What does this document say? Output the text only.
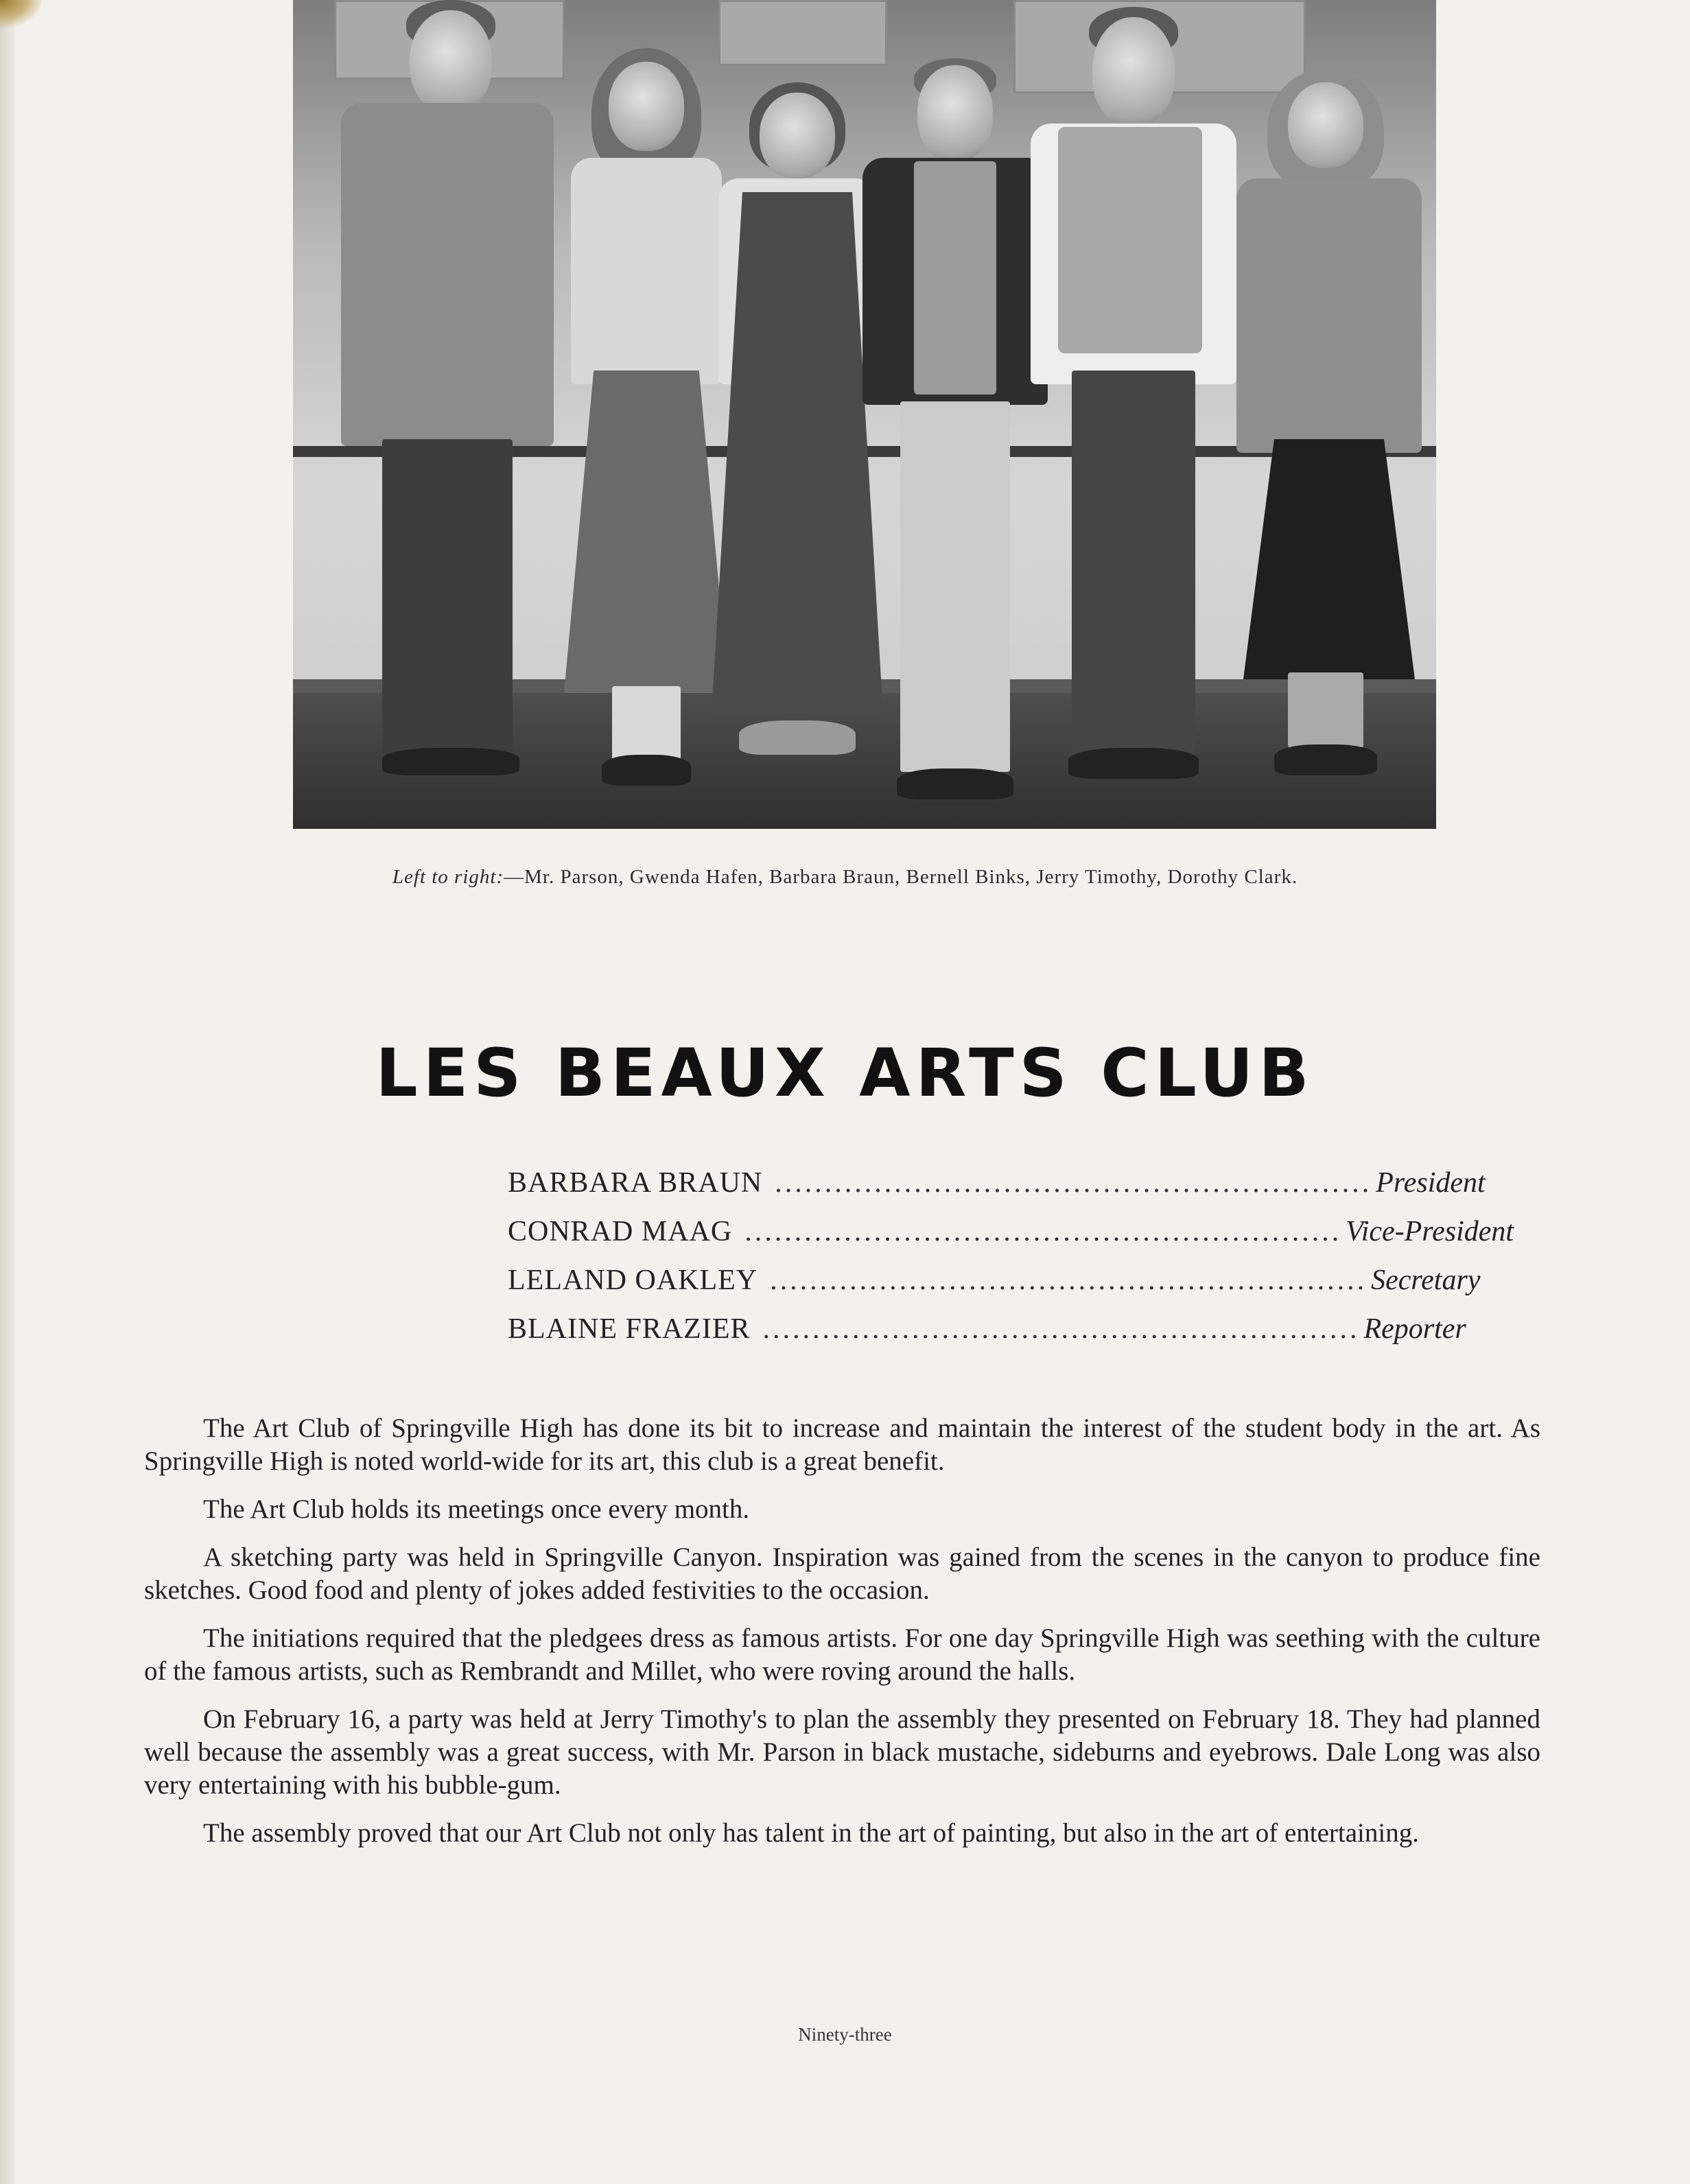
Left to right:—Mr. Parson, Gwenda Hafen, Barbara Braun, Bernell Binks, Jerry Timothy, Dorothy Clark.
LES BEAUX ARTS CLUB
BARBARA BRAUN ............................................................ President
CONRAD MAAG ............................................................ Vice-President
LELAND OAKLEY ............................................................ Secretary
BLAINE FRAZIER ............................................................ Reporter

The Art Club of Springville High has done its bit to increase and maintain the interest of the student body in the art. As Springville High is noted world-wide for its art, this club is a great benefit.

The Art Club holds its meetings once every month.

A sketching party was held in Springville Canyon. Inspiration was gained from the scenes in the canyon to produce fine sketches. Good food and plenty of jokes added festivities to the occasion.

The initiations required that the pledgees dress as famous artists. For one day Springville High was seething with the culture of the famous artists, such as Rembrandt and Millet, who were roving around the halls.

On February 16, a party was held at Jerry Timothy's to plan the assembly they presented on February 18. They had planned well because the assembly was a great success, with Mr. Parson in black mustache, sideburns and eyebrows. Dale Long was also very entertaining with his bubble-gum.

The assembly proved that our Art Club not only has talent in the art of painting, but also in the art of entertaining.

Ninety-three
